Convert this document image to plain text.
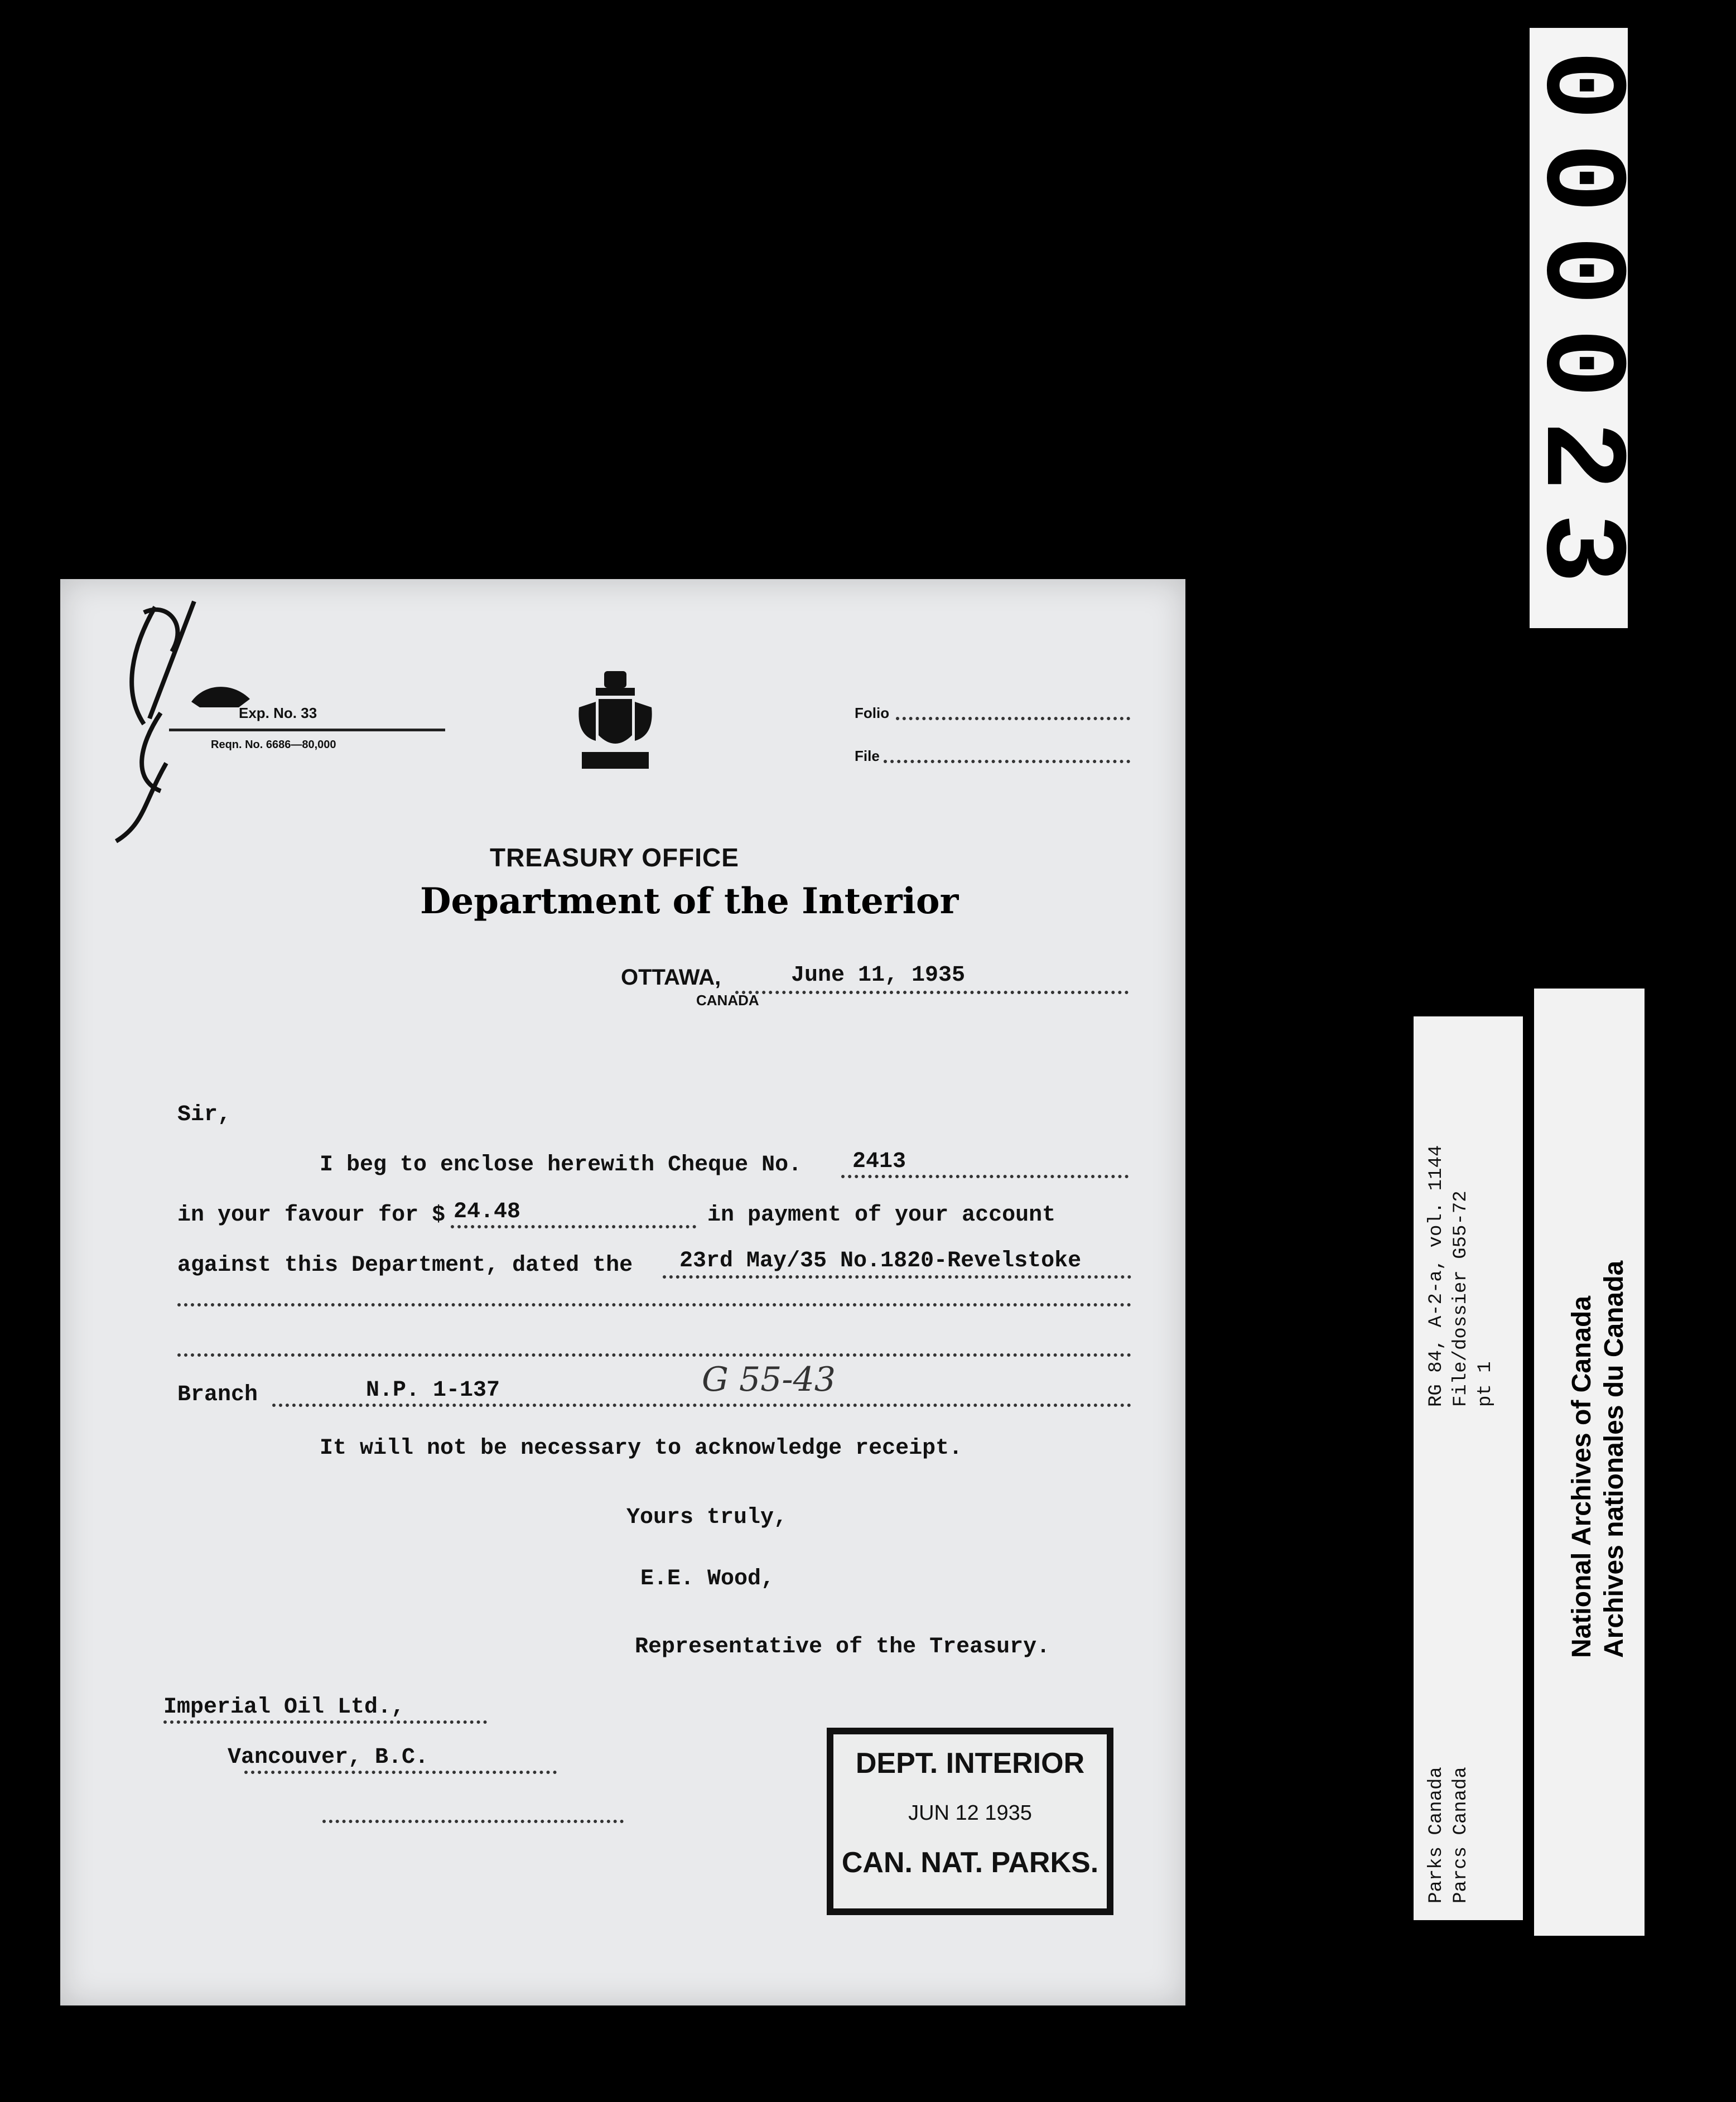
000023
RG 84, A-2-a, vol. 1144 File/dossier G55-72 pt 1
Parks Canada Parcs Canada
National Archives of Canada Archives nationales du Canada
Exp. No. 33
Reqn. No. 6686—80,000
Folio
File
TREASURY OFFICE
Department of the Interior
OTTAWA,	June 11, 1935
CANADA
Sir,
I beg to enclose herewith Cheque No. 2413
in your favour for $ 24.48	in payment of your account
against this Department, dated the 23rd May/35 No.1820-Revelstoke
Branch	N.P. 1-137	G 55-43
It will not be necessary to acknowledge receipt.
Yours truly,
E.E. Wood,
Representative of the Treasury.
Imperial Oil Ltd.,
Vancouver, B.C.	DEPT. INTERIOR
JUN 12 1935
CAN. NAT. PARKS.
